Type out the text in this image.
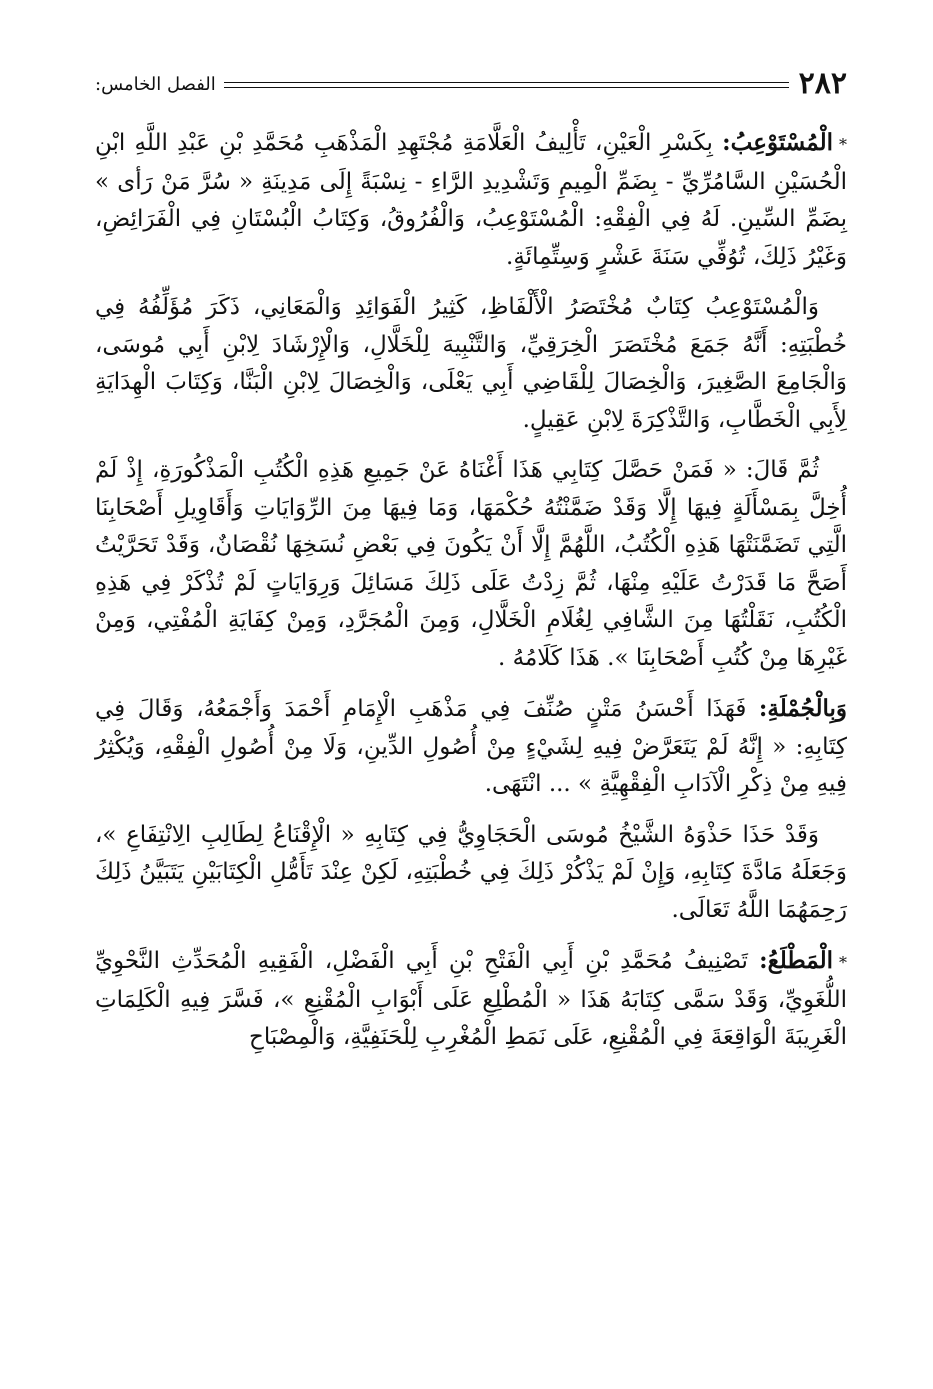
٢٨٢
الفصل الخامس:

*الْمُسْتَوْعِبُ: بِكَسْرِ الْعَيْنِ، تَأْلِيفُ الْعَلَّامَةِ مُجْتَهِدِ الْمَذْهَبِ مُحَمَّدِ بْنِ عَبْدِ اللَّهِ ابْنِ الْحُسَيْنِ السَّامُرِّيِّ - بِضَمِّ الْمِيمِ وَتَشْدِيدِ الرَّاءِ - نِسْبَةً إِلَى مَدِينَةِ « سُرَّ مَنْ رَأى » بِضَمِّ السِّينِ. لَهُ فِي الْفِقْهِ: الْمُسْتَوْعِبُ، وَالْفُرُوقُ، وَكِتَابُ الْبُسْتَانِ فِي الْفَرَائِضِ، وَغَيْرُ ذَلِكَ، تُوُفِّي سَنَةَ عَشْرٍ وَسِتِّمِائَةٍ.

وَالْمُسْتَوْعِبُ كِتَابٌ مُخْتَصَرُ الْأَلْفَاظِ، كَثِيرُ الْفَوَائِدِ وَالْمَعَانِي، ذَكَرَ مُؤَلِّفُهُ فِي خُطْبَتِهِ: أَنَّهُ جَمَعَ مُخْتَصَرَ الْخِرَقِيِّ، وَالتَّنْبِيهَ لِلْخَلَّالِ، وَالْإِرْشَادَ لِابْنِ أَبِي مُوسَى، وَالْجَامِعَ الصَّغِيرَ، وَالْخِصَالَ لِلْقَاضِي أَبِي يَعْلَى، وَالْخِصَالَ لِابْنِ الْبَنَّا، وَكِتَابَ الْهِدَايَةِ لِأَبِي الْخَطَّابِ، وَالتَّذْكِرَةَ لِابْنِ عَقِيلٍ.

ثُمَّ قَالَ: « فَمَنْ حَصَّلَ كِتَابِي هَذَا أَغْنَاهُ عَنْ جَمِيعِ هَذِهِ الْكُتُبِ الْمَذْكُورَةِ، إِذْ لَمْ أُخِلَّ بِمَسْأَلَةٍ فِيهَا إِلَّا وَقَدْ ضَمَّنْتُهُ حُكْمَهَا، وَمَا فِيهَا مِنَ الرِّوَايَاتِ وَأَقَاوِيلِ أَصْحَابِنَا الَّتِي تَضَمَّنَتْهَا هَذِهِ الْكُتُبُ، اللَّهُمَّ إِلَّا أَنْ يَكُونَ فِي بَعْضِ نُسَخِهَا نُقْصَانٌ، وَقَدْ تَحَرَّيْتُ أَصَحَّ مَا قَدَرْتُ عَلَيْهِ مِنْهَا، ثُمَّ زِدْتُ عَلَى ذَلِكَ مَسَائِلَ وَرِوَايَاتٍ لَمْ تُذْكَرْ فِي هَذِهِ الْكُتُبِ، نَقَلْتُهَا مِنَ الشَّافِي لِغُلَامِ الْخَلَّالِ، وَمِنَ الْمُجَرَّدِ، وَمِنْ كِفَايَةِ الْمُفْتِي، وَمِنْ غَيْرِهَا مِنْ كُتُبِ أَصْحَابِنَا ». هَذَا كَلَامُهُ .

وَبِالْجُمْلَةِ: فَهَذَا أَحْسَنُ مَتْنٍ صُنِّفَ فِي مَذْهَبِ الْإِمَامِ أَحْمَدَ وَأَجْمَعُهُ، وَقَالَ فِي كِتَابِهِ: « إِنَّهُ لَمْ يَتَعَرَّضْ فِيهِ لِشَيْءٍ مِنْ أُصُولِ الدِّينِ، وَلَا مِنْ أُصُولِ الْفِقْهِ، وَيُكْثِرُ فِيهِ مِنْ ذِكْرِ الْآدَابِ الْفِقْهِيَّةِ » ... انْتَهَى.

وَقَدْ حَذَا حَذْوَهُ الشَّيْخُ مُوسَى الْحَجَاوِيُّ فِي كِتَابِهِ « الْإِقْنَاعُ لِطَالِبِ الِانْتِفَاعِ »، وَجَعَلَهُ مَادَّةَ كِتَابِهِ، وَإِنْ لَمْ يَذْكُرْ ذَلِكَ فِي خُطْبَتِهِ، لَكِنْ عِنْدَ تَأَمُّلِ الْكِتَابَيْنِ يَتَبَيَّنُ ذَلِكَ رَحِمَهُمَا اللَّهُ تَعَالَى.

*الْمَطْلَعُ: تَصْنِيفُ مُحَمَّدِ بْنِ أَبِي الْفَتْحِ بْنِ أَبِي الْفَضْلِ، الْفَقِيهِ الْمُحَدِّثِ النَّحْوِيِّ اللُّغَوِيِّ، وَقَدْ سَمَّى كِتَابَهُ هَذَا « الْمُطْلِعِ عَلَى أَبْوَابِ الْمُقْنِعِ »، فَسَّرَ فِيهِ الْكَلِمَاتِ الْغَرِيبَةَ الْوَاقِعَةَ فِي الْمُقْنِعِ، عَلَى نَمَطِ الْمُغْرِبِ لِلْحَنَفِيَّةِ، وَالْمِصْبَاحِ
